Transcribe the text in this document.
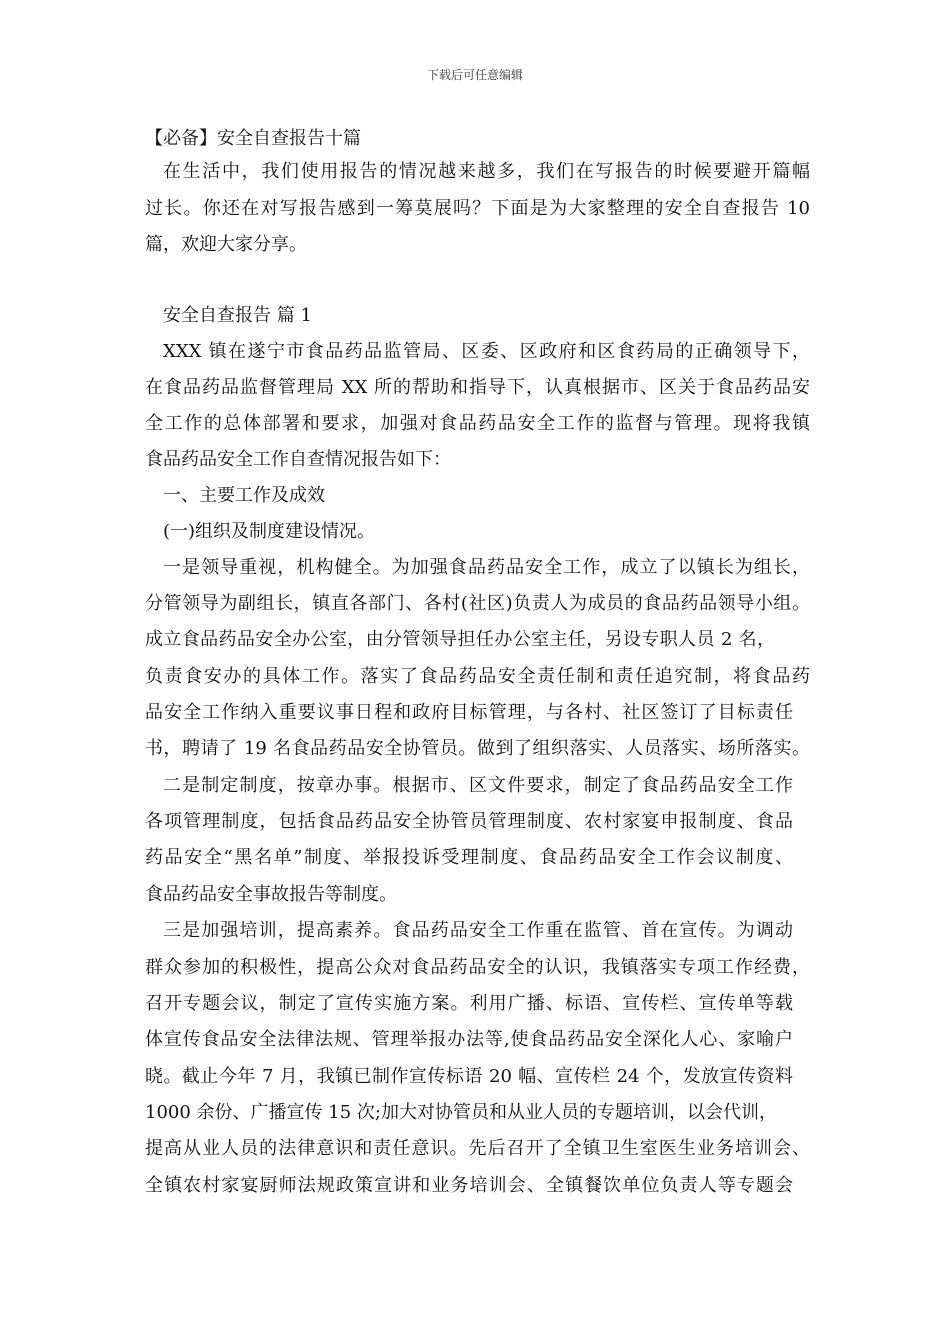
下载后可任意编辑
【必备】安全自查报告十篇
在生活中，我们使用报告的情况越来越多，我们在写报告的时候要避开篇幅
过长。你还在对写报告感到一筹莫展吗？下面是为大家整理的安全自查报告 10
篇，欢迎大家分享。
安全自查报告 篇 1
XXX 镇在遂宁市食品药品监管局、区委、区政府和区食药局的正确领导下，
在食品药品监督管理局 XX 所的帮助和指导下，认真根据市、区关于食品药品安
全工作的总体部署和要求，加强对食品药品安全工作的监督与管理。现将我镇
食品药品安全工作自查情况报告如下：
一、主要工作及成效
(一)组织及制度建设情况。
一是领导重视，机构健全。为加强食品药品安全工作，成立了以镇长为组长，
分管领导为副组长，镇直各部门、各村(社区)负责人为成员的食品药品领导小组。
成立食品药品安全办公室，由分管领导担任办公室主任，另设专职人员 2 名，
负责食安办的具体工作。落实了食品药品安全责任制和责任追究制，将食品药
品安全工作纳入重要议事日程和政府目标管理，与各村、社区签订了目标责任
书，聘请了 19 名食品药品安全协管员。做到了组织落实、人员落实、场所落实。
二是制定制度，按章办事。根据市、区文件要求，制定了食品药品安全工作
各项管理制度，包括食品药品安全协管员管理制度、农村家宴申报制度、食品
药品安全“黑名单”制度、举报投诉受理制度、食品药品安全工作会议制度、
食品药品安全事故报告等制度。
三是加强培训，提高素养。食品药品安全工作重在监管、首在宣传。为调动
群众参加的积极性，提高公众对食品药品安全的认识，我镇落实专项工作经费，
召开专题会议，制定了宣传实施方案。利用广播、标语、宣传栏、宣传单等载
体宣传食品安全法律法规、管理举报办法等,使食品药品安全深化人心、家喻户
晓。截止今年 7 月，我镇已制作宣传标语 20 幅、宣传栏 24 个，发放宣传资料
1000 余份、广播宣传 15 次;加大对协管员和从业人员的专题培训，以会代训，
提高从业人员的法律意识和责任意识。先后召开了全镇卫生室医生业务培训会、
全镇农村家宴厨师法规政策宣讲和业务培训会、全镇餐饮单位负责人等专题会
